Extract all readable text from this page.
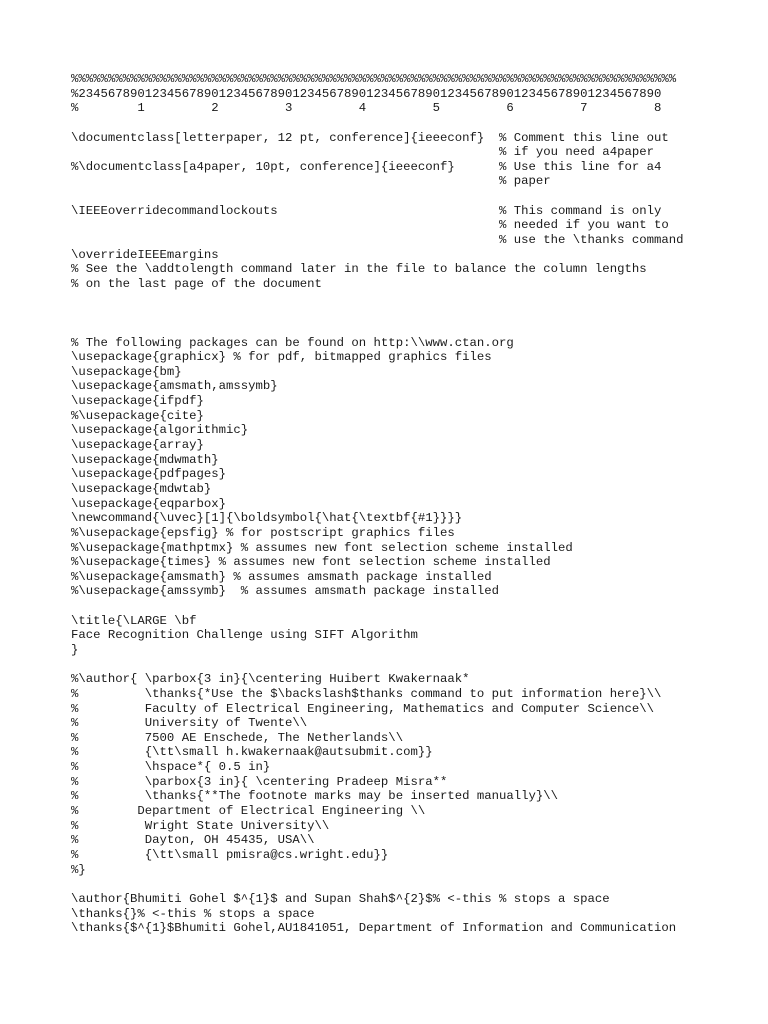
%%%%%%%%%%%%%%%%%%%%%%%%%%%%%%%%%%%%%%%%%%%%%%%%%%%%%%%%%%%%%%%%%%%%%%%%%%%%%%%%%%
%2345678901234567890123456789012345678901234567890123456789012345678901234567890
%        1         2         3         4         5         6         7         8
\documentclass[letterpaper, 12 pt, conference]{ieeeconf}  % Comment this line out
% if you need a4paper
%\documentclass[a4paper, 10pt, conference]{ieeeconf}      % Use this line for a4
% paper
\IEEEoverridecommandlockouts                              % This command is only
% needed if you want to
% use the \thanks command
\overrideIEEEmargins
% See the \addtolength command later in the file to balance the column lengths
% on the last page of the document
% The following packages can be found on http:\\www.ctan.org
\usepackage{graphicx} % for pdf, bitmapped graphics files
\usepackage{bm}
\usepackage{amsmath,amssymb}
\usepackage{ifpdf}
%\usepackage{cite}
\usepackage{algorithmic}
\usepackage{array}
\usepackage{mdwmath}
\usepackage{pdfpages}
\usepackage{mdwtab}
\usepackage{eqparbox}
\newcommand{\uvec}[1]{\boldsymbol{\hat{\textbf{#1}}}}
%\usepackage{epsfig} % for postscript graphics files
%\usepackage{mathptmx} % assumes new font selection scheme installed
%\usepackage{times} % assumes new font selection scheme installed
%\usepackage{amsmath} % assumes amsmath package installed
%\usepackage{amssymb}  % assumes amsmath package installed
\title{\LARGE \bf
Face Recognition Challenge using SIFT Algorithm
}
%\author{ \parbox{3 in}{\centering Huibert Kwakernaak*
%         \thanks{*Use the $\backslash$thanks command to put information here}\\
%         Faculty of Electrical Engineering, Mathematics and Computer Science\\
%         University of Twente\\
%         7500 AE Enschede, The Netherlands\\
%         {\tt\small h.kwakernaak@autsubmit.com}}
%         \hspace*{ 0.5 in}
%         \parbox{3 in}{ \centering Pradeep Misra**
%         \thanks{**The footnote marks may be inserted manually}\\
%        Department of Electrical Engineering \\
%         Wright State University\\
%         Dayton, OH 45435, USA\\
%         {\tt\small pmisra@cs.wright.edu}}
%}
\author{Bhumiti Gohel $^{1}$ and Supan Shah$^{2}$% <-this % stops a space
\thanks{}% <-this % stops a space
\thanks{$^{1}$Bhumiti Gohel,AU1841051, Department of Information and Communication
